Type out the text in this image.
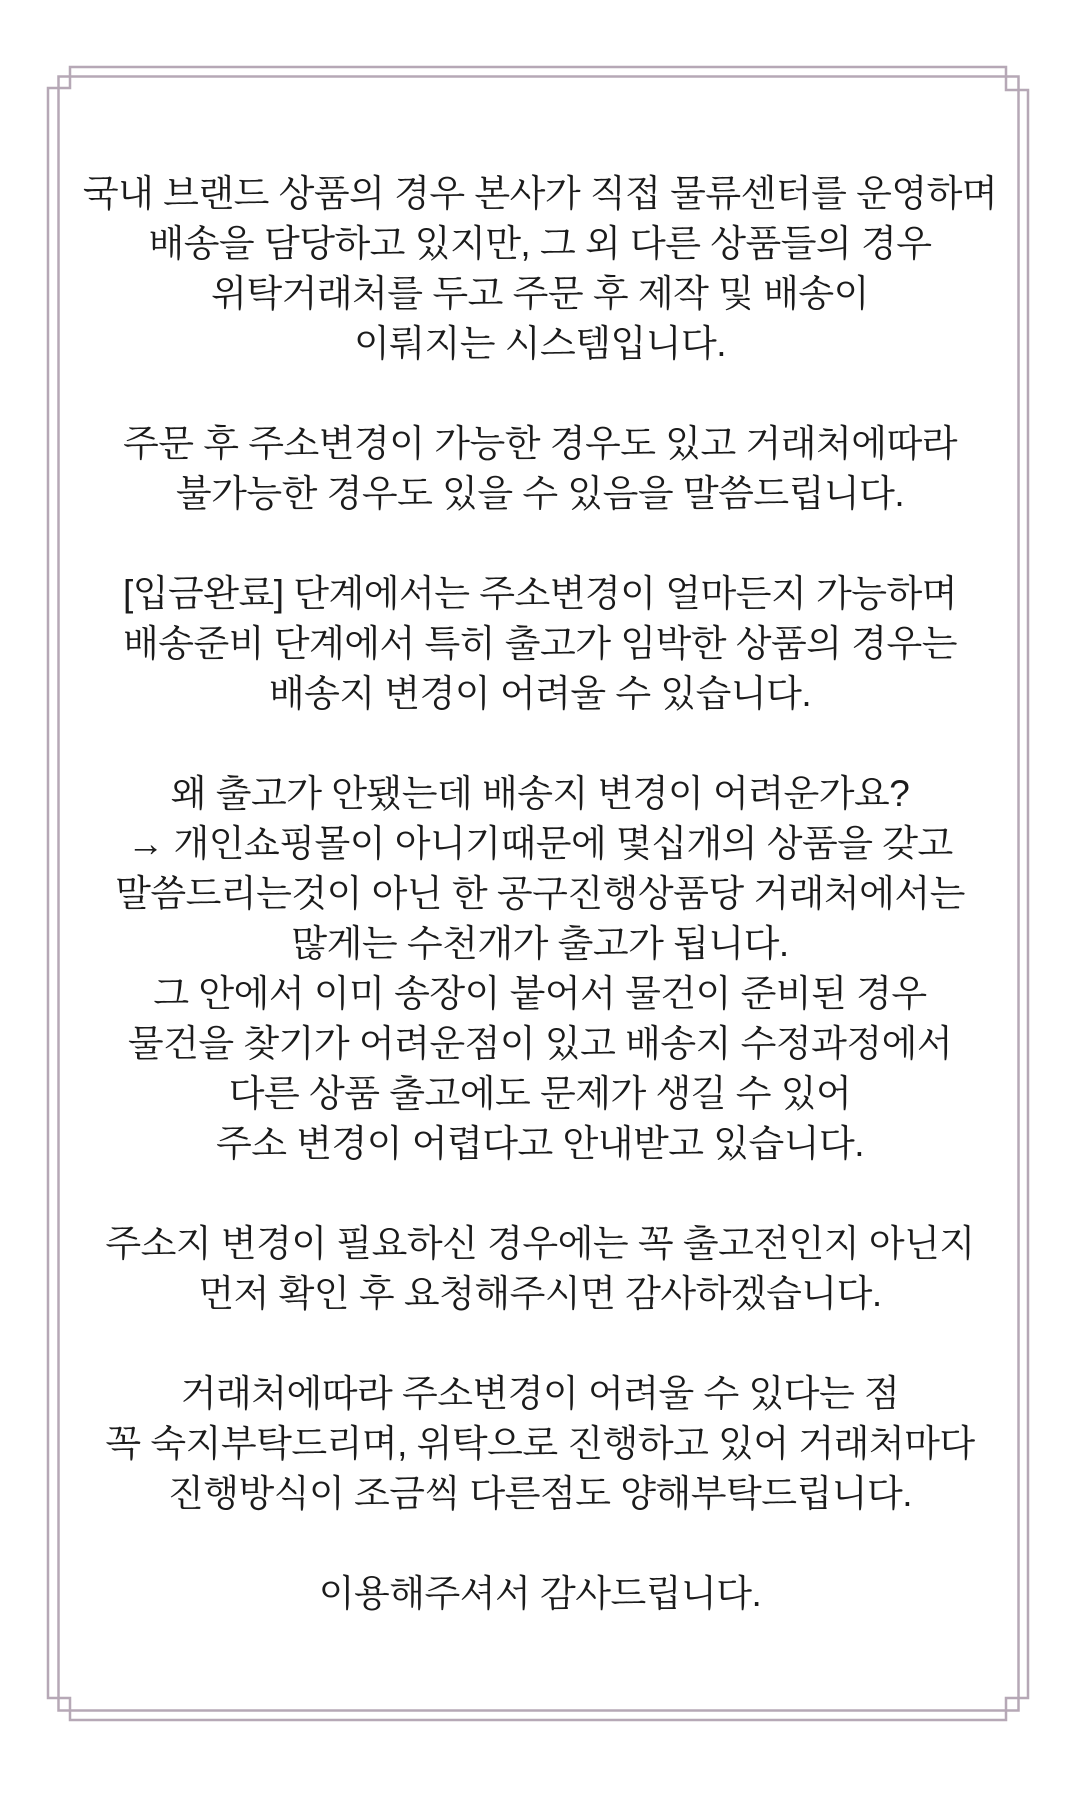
국내 브랜드 상품의 경우 본사가 직접 물류센터를 운영하며
배송을 담당하고 있지만, 그 외 다른 상품들의 경우
위탁거래처를 두고 주문 후 제작 및 배송이
이뤄지는 시스템입니다.

주문 후 주소변경이 가능한 경우도 있고 거래처에따라
불가능한 경우도 있을 수 있음을 말씀드립니다.

[입금완료] 단계에서는 주소변경이 얼마든지 가능하며
배송준비 단계에서 특히 출고가 임박한 상품의 경우는
배송지 변경이 어려울 수 있습니다.

왜 출고가 안됐는데 배송지 변경이 어려운가요?
→ 개인쇼핑몰이 아니기때문에 몇십개의 상품을 갖고
말씀드리는것이 아닌 한 공구진행상품당 거래처에서는
많게는 수천개가 출고가 됩니다.
그 안에서 이미 송장이 붙어서 물건이 준비된 경우
물건을 찾기가 어려운점이 있고 배송지 수정과정에서
다른 상품 출고에도 문제가 생길 수 있어
주소 변경이 어렵다고 안내받고 있습니다.

주소지 변경이 필요하신 경우에는 꼭 출고전인지 아닌지
먼저 확인 후 요청해주시면 감사하겠습니다.

거래처에따라 주소변경이 어려울 수 있다는 점
꼭 숙지부탁드리며, 위탁으로 진행하고 있어 거래처마다
진행방식이 조금씩 다른점도 양해부탁드립니다.

이용해주셔서 감사드립니다.
